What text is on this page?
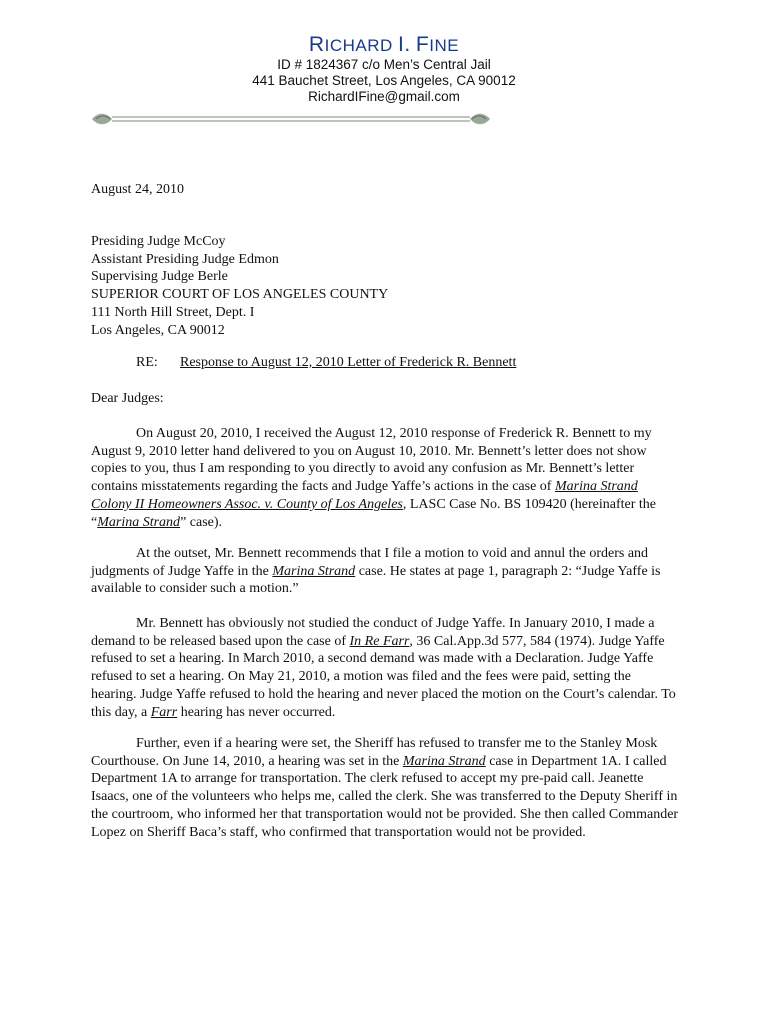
RICHARD I. FINE
ID # 1824367 c/o Men’s Central Jail
441 Bauchet Street, Los Angeles, CA 90012
RichardIFine@gmail.com
August 24, 2010
Presiding Judge McCoy
Assistant Presiding Judge Edmon
Supervising Judge Berle
SUPERIOR COURT OF LOS ANGELES COUNTY
111 North Hill Street, Dept. I
Los Angeles, CA 90012
RE: Response to August 12, 2010 Letter of Frederick R. Bennett
Dear Judges:

On August 20, 2010, I received the August 12, 2010 response of Frederick R. Bennett to my August 9, 2010 letter hand delivered to you on August 10, 2010. Mr. Bennett’s letter does not show copies to you, thus I am responding to you directly to avoid any confusion as Mr. Bennett’s letter contains misstatements regarding the facts and Judge Yaffe’s actions in the case of Marina Strand Colony II Homeowners Assoc. v. County of Los Angeles, LASC Case No. BS 109420 (hereinafter the “Marina Strand” case).

At the outset, Mr. Bennett recommends that I file a motion to void and annul the orders and judgments of Judge Yaffe in the Marina Strand case. He states at page 1, paragraph 2: “Judge Yaffe is available to consider such a motion.”

Mr. Bennett has obviously not studied the conduct of Judge Yaffe. In January 2010, I made a demand to be released based upon the case of In Re Farr, 36 Cal.App.3d 577, 584 (1974). Judge Yaffe refused to set a hearing. In March 2010, a second demand was made with a Declaration. Judge Yaffe refused to set a hearing. On May 21, 2010, a motion was filed and the fees were paid, setting the hearing. Judge Yaffe refused to hold the hearing and never placed the motion on the Court’s calendar. To this day, a Farr hearing has never occurred.

Further, even if a hearing were set, the Sheriff has refused to transfer me to the Stanley Mosk Courthouse. On June 14, 2010, a hearing was set in the Marina Strand case in Department 1A. I called Department 1A to arrange for transportation. The clerk refused to accept my pre-paid call. Jeanette Isaacs, one of the volunteers who helps me, called the clerk. She was transferred to the Deputy Sheriff in the courtroom, who informed her that transportation would not be provided. She then called Commander Lopez on Sheriff Baca’s staff, who confirmed that transportation would not be provided.
